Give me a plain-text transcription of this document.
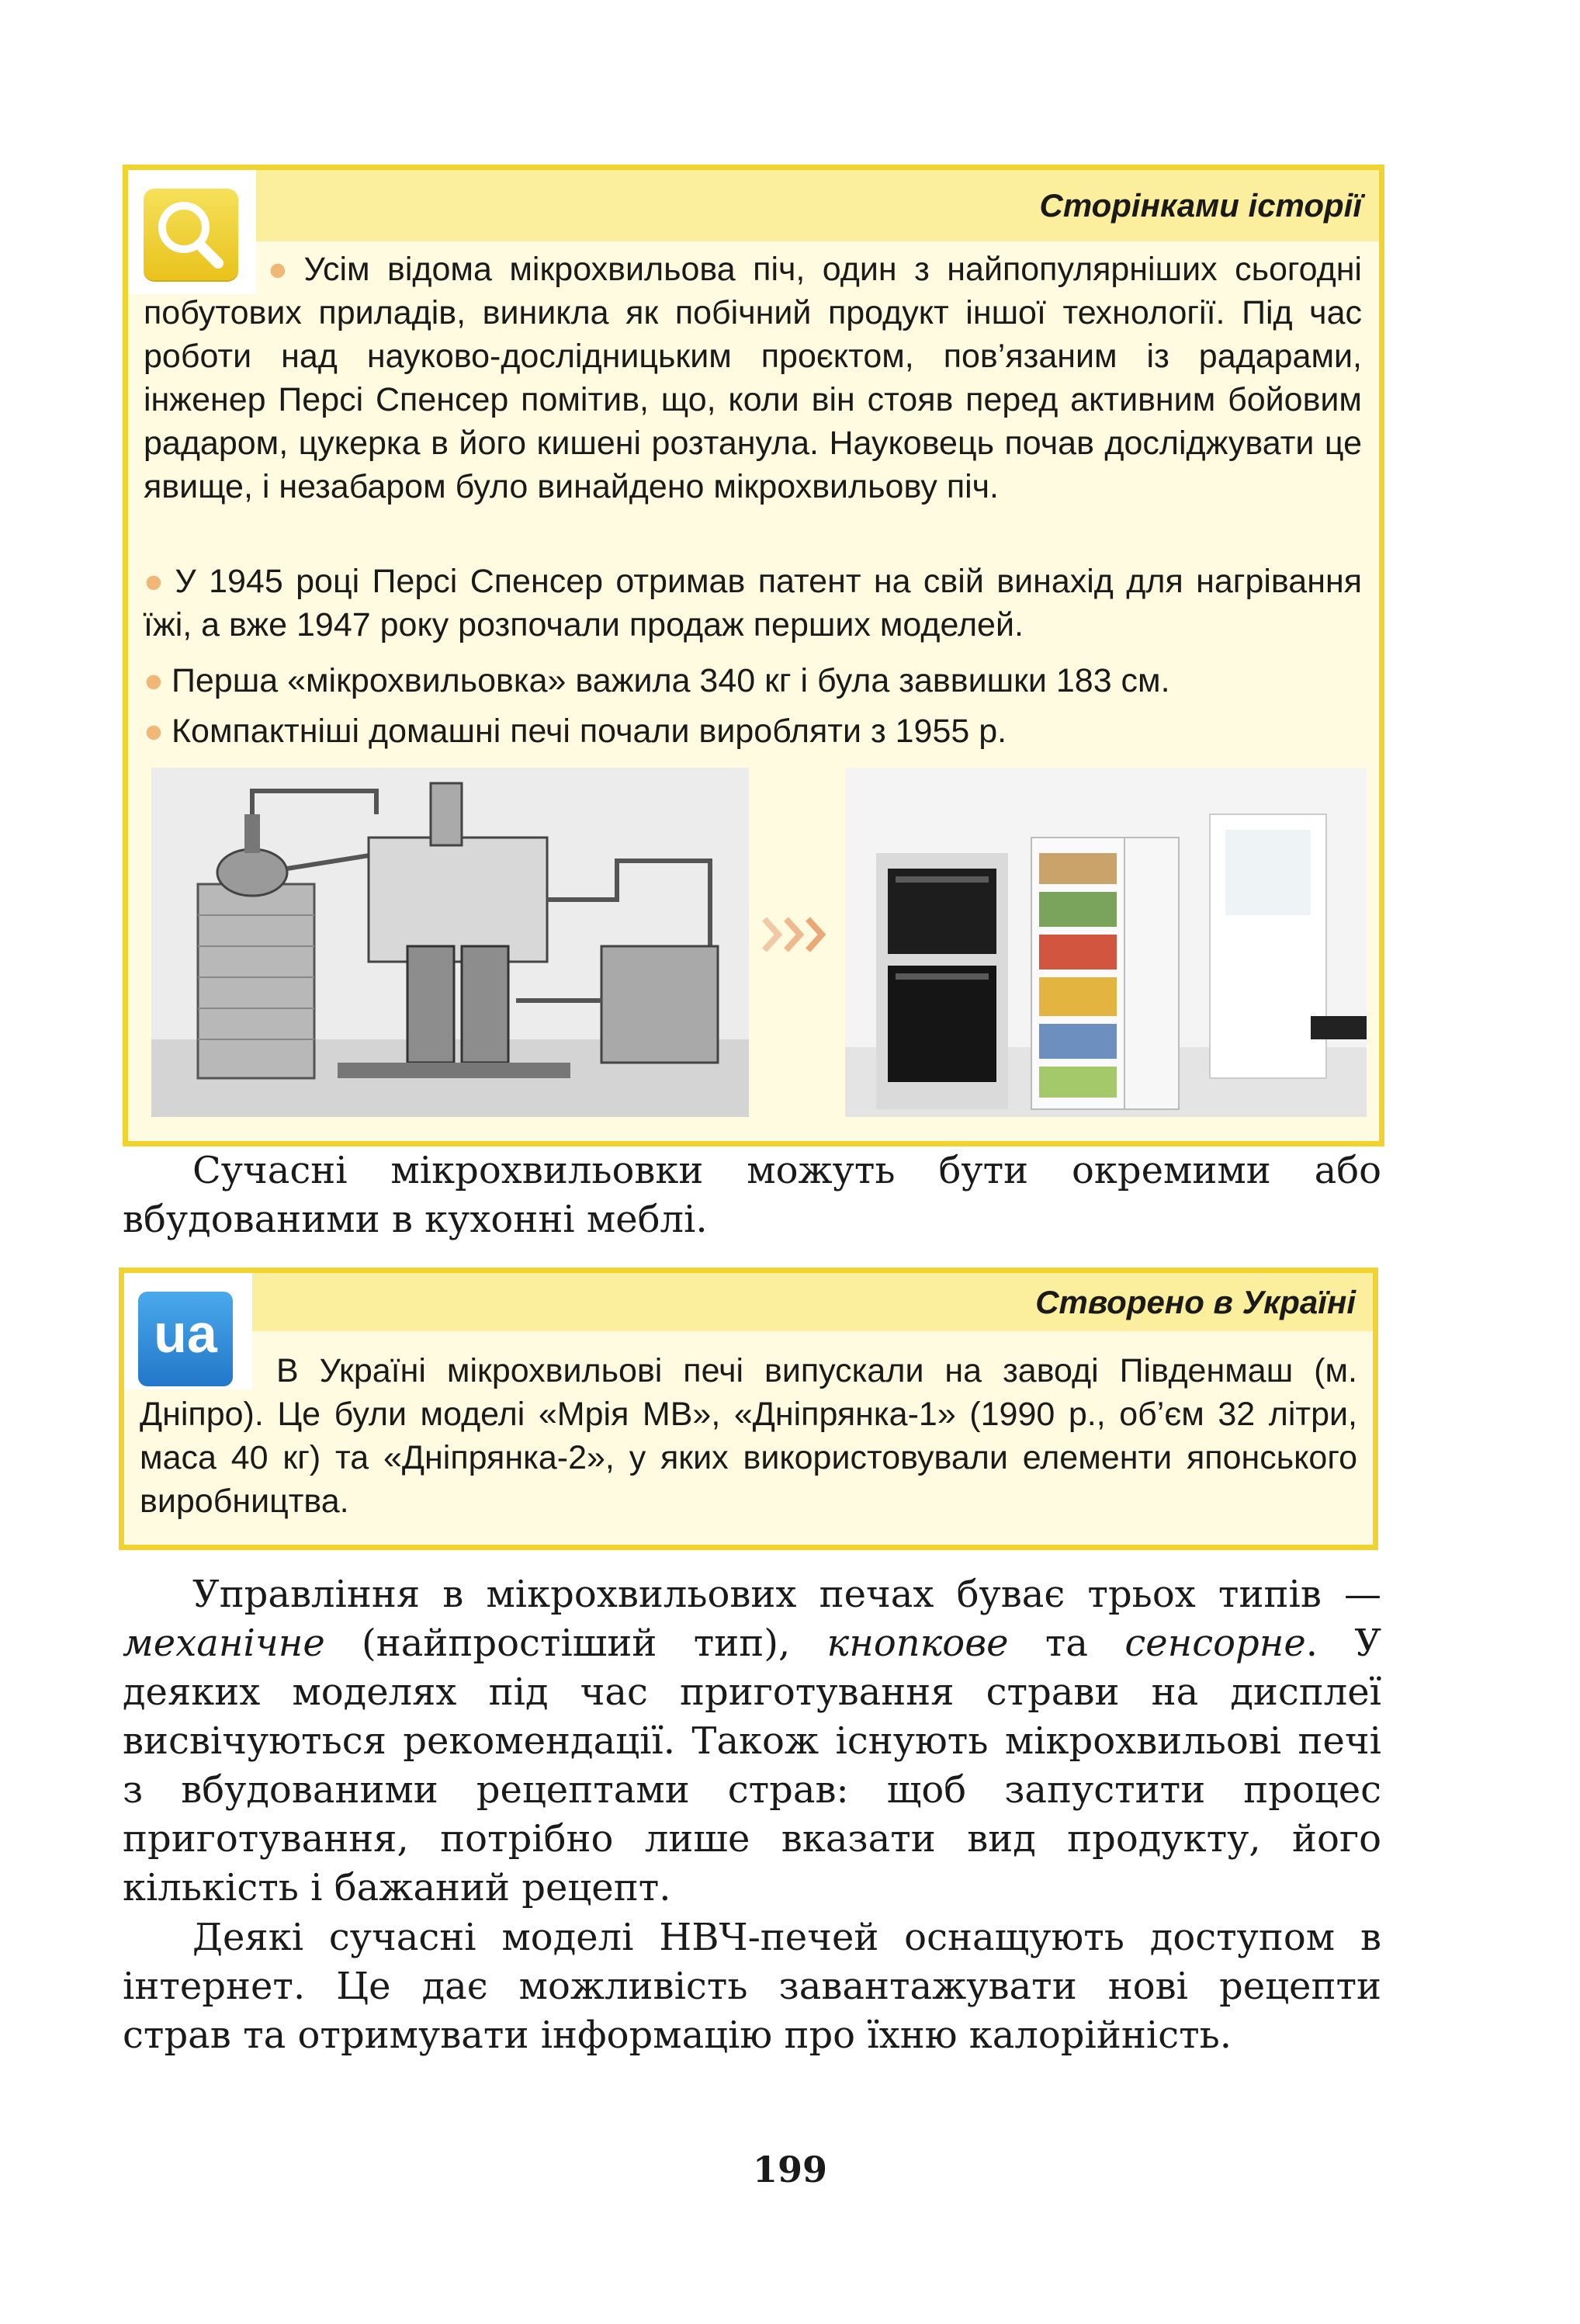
Сторінками історії

● Усім відома мікрохвильова піч, один з найпопулярніших сьогодні побутових приладів, виникла як побічний продукт іншої технології. Під час роботи над науково-дослідницьким проєктом, пов’язаним із радарами, інженер Персі Спенсер помітив, що, коли він стояв перед активним бойовим радаром, цукерка в його кишені розтанула. Науковець почав досліджувати це явище, і незабаром було винайдено мікрохвильову піч.

● У 1945 році Персі Спенсер отримав патент на свій винахід для нагрівання їжі, а вже 1947 року розпочали продаж перших моделей.

● Перша «мікрохвильовка» важила 340 кг і була заввишки 183 см.

● Компактніші домашні печі почали виробляти з 1955 р.

Сучасні мікрохвильовки можуть бути окремими або вбудованими в кухонні меблі.

Створено в Україні
ua

В Україні мікрохвильові печі випускали на заводі Південмаш (м. Дніпро). Це були моделі «Мрія МВ», «Дніпрянка-1» (1990 р., об’єм 32 літри, маса 40 кг) та «Дніпрянка-2», у яких використовували елементи японського виробництва.

Управління в мікрохвильових печах буває трьох типів — механічне (найпростіший тип), кнопкове та сенсорне. У деяких моделях під час приготування страви на дисплеї висвічуються рекомендації. Також існують мікрохвильові печі з вбудованими рецептами страв: щоб запустити процес приготування, потрібно лише вказати вид продукту, його кількість і бажаний рецепт.

Деякі сучасні моделі НВЧ-печей оснащують доступом в інтернет. Це дає можливість завантажувати нові рецепти страв та отримувати інформацію про їхню калорійність.

199
